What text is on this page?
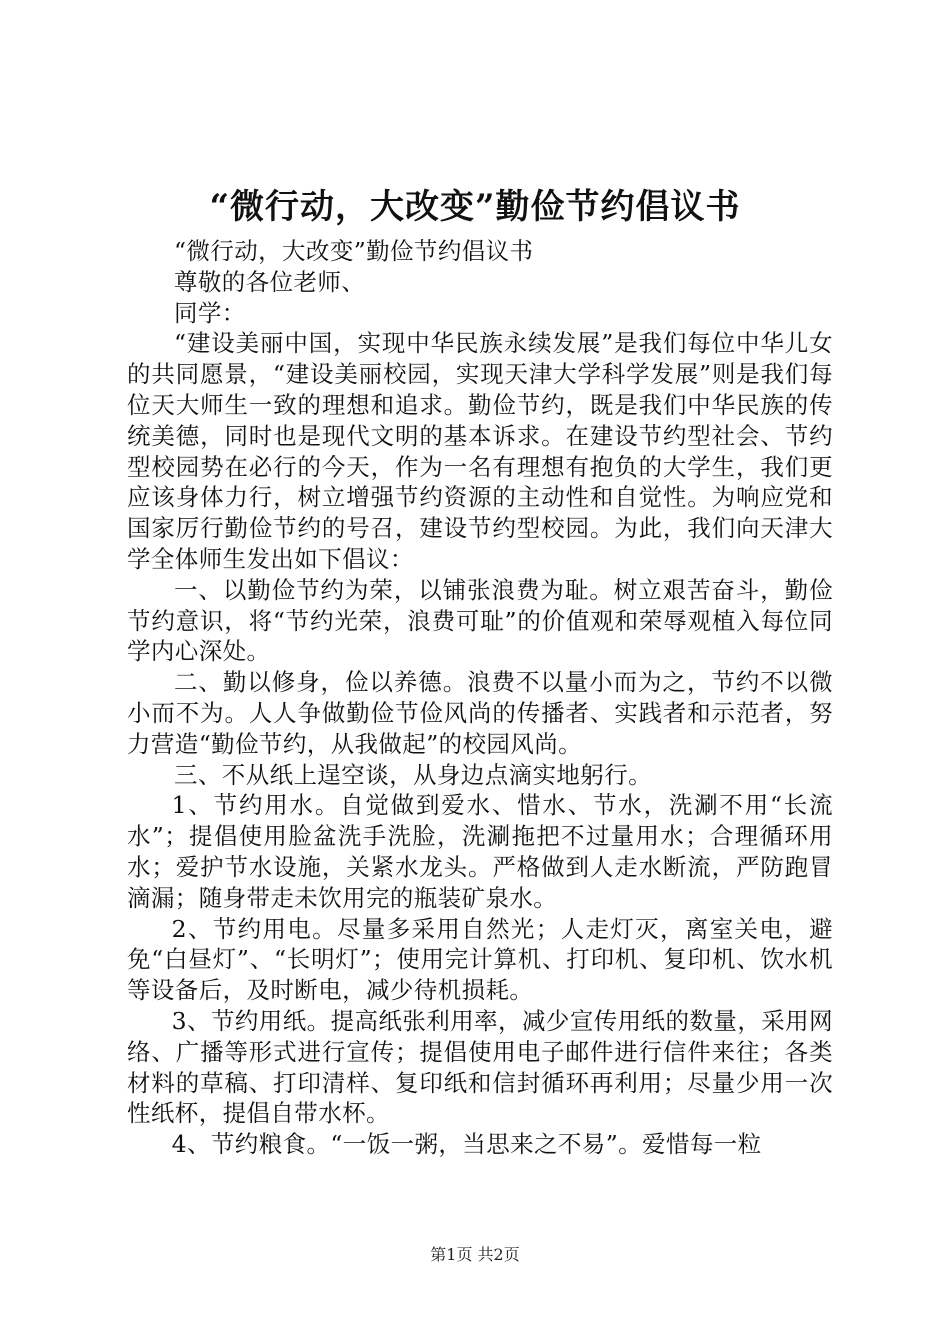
“微行动，大改变”勤俭节约倡议书

“微行动，大改变”勤俭节约倡议书

尊敬的各位老师、

同学：

“建设美丽中国，实现中华民族永续发展”是我们每位中华儿女的共同愿景，“建设美丽校园，实现天津大学科学发展”则是我们每位天大师生一致的理想和追求。勤俭节约，既是我们中华民族的传统美德，同时也是现代文明的基本诉求。在建设节约型社会、节约型校园势在必行的今天，作为一名有理想有抱负的大学生，我们更应该身体力行，树立增强节约资源的主动性和自觉性。为响应党和国家厉行勤俭节约的号召，建设节约型校园。为此，我们向天津大学全体师生发出如下倡议：

一、以勤俭节约为荣，以铺张浪费为耻。树立艰苦奋斗，勤俭节约意识，将“节约光荣，浪费可耻”的价值观和荣辱观植入每位同学内心深处。

二、勤以修身，俭以养德。浪费不以量小而为之，节约不以微小而不为。人人争做勤俭节俭风尚的传播者、实践者和示范者，努力营造“勤俭节约，从我做起”的校园风尚。

三、不从纸上逞空谈，从身边点滴实地躬行。

1、节约用水。自觉做到爱水、惜水、节水，洗涮不用“长流水”；提倡使用脸盆洗手洗脸，洗涮拖把不过量用水；合理循环用水；爱护节水设施，关紧水龙头。严格做到人走水断流，严防跑冒滴漏；随身带走未饮用完的瓶装矿泉水。

2、节约用电。尽量多采用自然光；人走灯灭，离室关电，避免“白昼灯”、“长明灯”；使用完计算机、打印机、复印机、饮水机等设备后，及时断电，减少待机损耗。

3、节约用纸。提高纸张利用率，减少宣传用纸的数量，采用网络、广播等形式进行宣传；提倡使用电子邮件进行信件来往；各类材料的草稿、打印清样、复印纸和信封循环再利用；尽量少用一次性纸杯，提倡自带水杯。

4、节约粮食。“一饭一粥，当思来之不易”。爱惜每一粒

第1页 共2页
